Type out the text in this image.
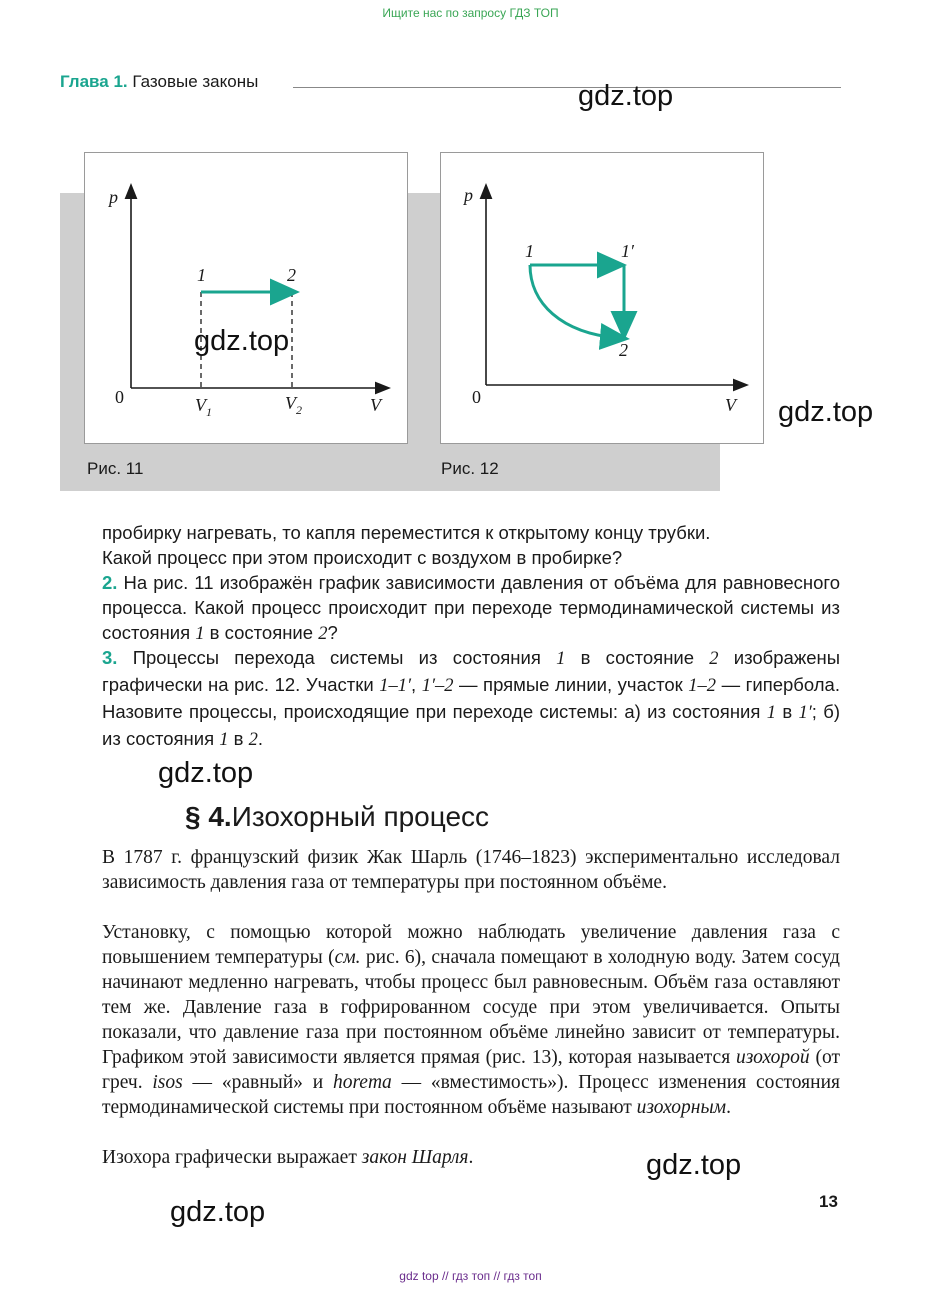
Ищите нас по запросу ГДЗ ТОП
Глава 1. Газовые законы
p
V
0
1	2
$V_1$	$V_2$
Рис. 11
p
V
0
1	1′
2
Рис. 12
пробирку нагревать, то капля переместится к открытому концу трубки.
Какой процесс при этом происходит с воздухом в пробирке?
2. На рис. 11 изображён график зависимости давления от объёма для равновесного процесса. Какой процесс происходит при переходе термодинамической системы из состояния 1 в состояние 2?
3. Процессы перехода системы из состояния 1 в состояние 2 изображены графически на рис. 12. Участки 1–1′, 1′–2 — прямые линии, участок 1–2 — гипербола. Назовите процессы, происходящие при переходе системы: а) из состояния 1 в 1′; б) из состояния 1 в 2.
§ 4.Изохорный процесс
В 1787 г. французский физик Жак Шарль (1746–1823) экспериментально исследовал зависимость давления газа от температуры при постоянном объёме.
Установку, с помощью которой можно наблюдать увеличение давления газа с повышением температуры (см. рис. 6), сначала помещают в холодную воду. Затем сосуд начинают медленно нагревать, чтобы процесс был равновесным. Объём газа оставляют тем же. Давление газа в гофрированном сосуде при этом увеличивается. Опыты показали, что давление газа при постоянном объёме линейно зависит от температуры. Графиком этой зависимости является прямая (рис. 13), которая называется изохорой (от греч. isos — «равный» и horema — «вместимость»). Процесс изменения состояния термодинамической системы при постоянном объёме называют изохорным.
Изохора графически выражает закон Шарля.
13
gdz.top
gdz.top
gdz.top
gdz.top
gdz.top
gdz.top
gdz top // гдз топ // гдз топ
